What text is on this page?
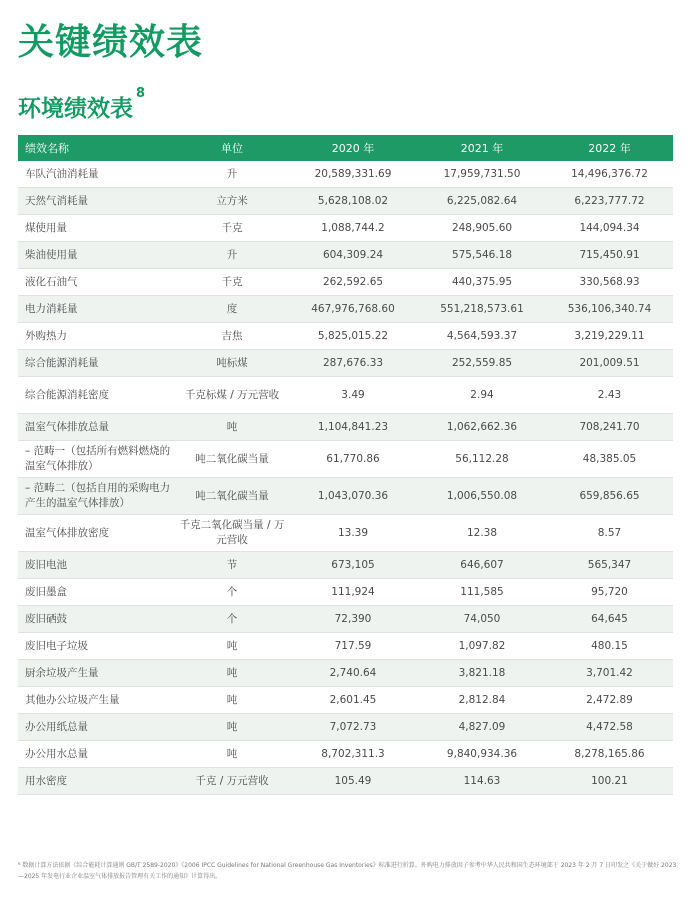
关键绩效表
环境绩效表$^8$
绩效名称	单位	2020 年	2021 年	2022 年
车队汽油消耗量	升	20,589,331.69	17,959,731.50	14,496,376.72
天然气消耗量	立方米	5,628,108.02	6,225,082.64	6,223,777.72
煤使用量	千克	1,088,744.2	248,905.60	144,094.34
柴油使用量	升	604,309.24	575,546.18	715,450.91
液化石油气	千克	262,592.65	440,375.95	330,568.93
电力消耗量	度	467,976,768.60	551,218,573.61	536,106,340.74
外购热力	吉焦	5,825,015.22	4,564,593.37	3,219,229.11
综合能源消耗量	吨标煤	287,676.33	252,559.85	201,009.51
综合能源消耗密度	千克标煤 / 万元营收	3.49	2.94	2.43
温室气体排放总量	吨	1,104,841.23	1,062,662.36	708,241.70
– 范畴一（包括所有燃料燃烧的温室气体排放）	吨二氧化碳当量	61,770.86	56,112.28	48,385.05
– 范畴二（包括自用的采购电力产生的温室气体排放）	吨二氧化碳当量	1,043,070.36	1,006,550.08	659,856.65
温室气体排放密度	千克二氧化碳当量 / 万元营收	13.39	12.38	8.57
废旧电池	节	673,105	646,607	565,347
废旧墨盒	个	111,924	111,585	95,720
废旧硒鼓	个	72,390	74,050	64,645
废旧电子垃圾	吨	717.59	1,097.82	480.15
厨余垃圾产生量	吨	2,740.64	3,821.18	3,701.42
其他办公垃圾产生量	吨	2,601.45	2,812.84	2,472.89
办公用纸总量	吨	7,072.73	4,827.09	4,472.58
办公用水总量	吨	8,702,311.3	9,840,934.36	8,278,165.86
用水密度	千克 / 万元营收	105.49	114.63	100.21
⁸ 数据计算方法依据《综合能耗计算通则 GB/T 2589-2020》《2006 IPCC Guidelines for National Greenhouse Gas Inventories》标准进行折算。外购电力排放因子参考中华人民共和国生态环境部于 2023 年 2 月 7 日印发之《关于做好 2023—2025 年发电行业企业温室气体排放报告管理有关工作的通知》计算得出。
